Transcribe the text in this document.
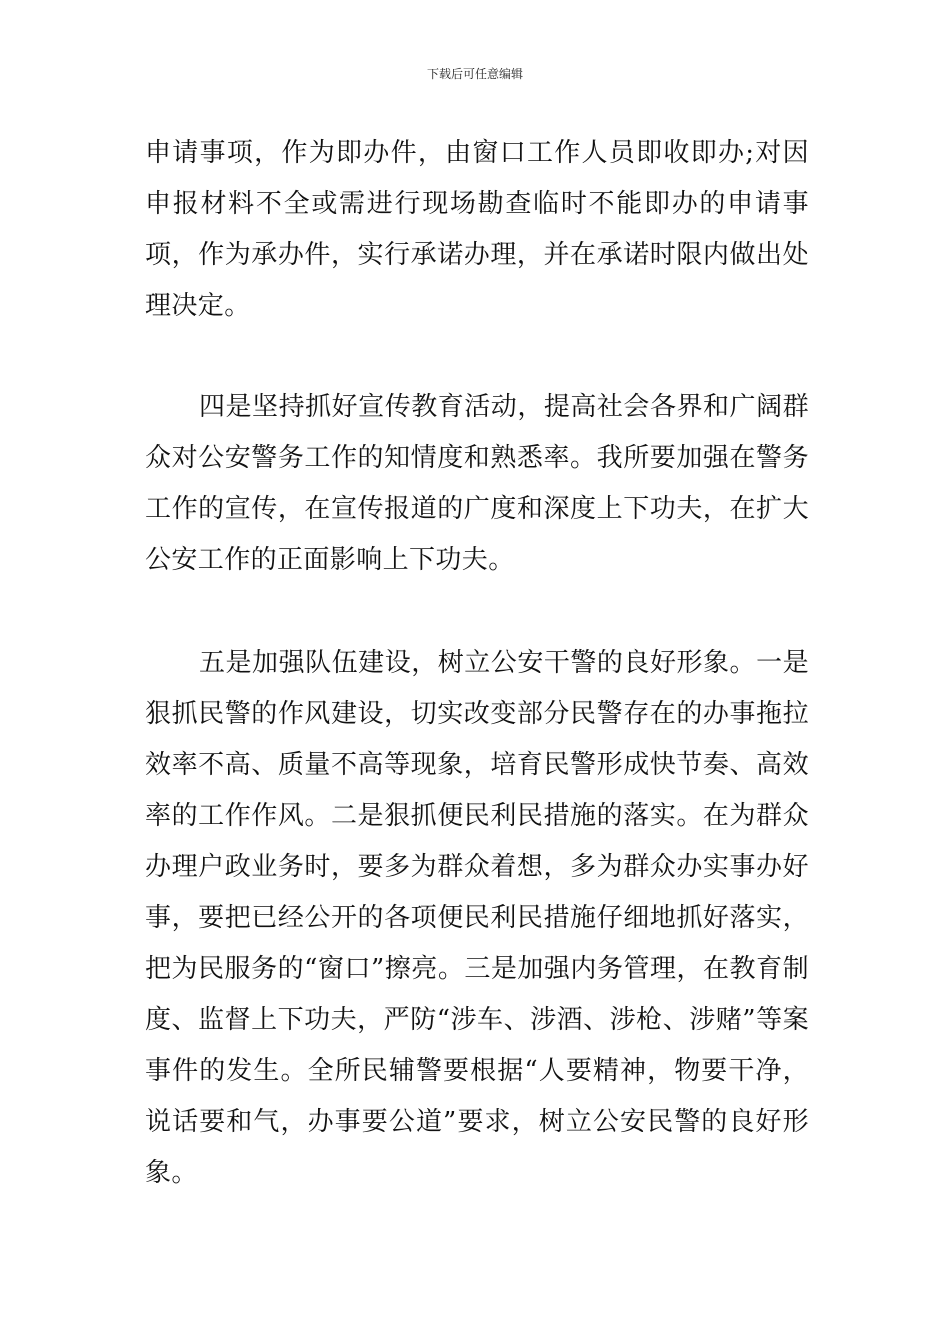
下载后可任意编辑

申请事项，作为即办件，由窗口工作人员即收即办;对因申报材料不全或需进行现场勘查临时不能即办的申请事项，作为承办件，实行承诺办理，并在承诺时限内做出处理决定。

四是坚持抓好宣传教育活动，提高社会各界和广阔群众对公安警务工作的知情度和熟悉率。我所要加强在警务工作的宣传，在宣传报道的广度和深度上下功夫，在扩大公安工作的正面影响上下功夫。

五是加强队伍建设，树立公安干警的良好形象。一是狠抓民警的作风建设，切实改变部分民警存在的办事拖拉效率不高、质量不高等现象，培育民警形成快节奏、高效率的工作作风。二是狠抓便民利民措施的落实。在为群众办理户政业务时，要多为群众着想，多为群众办实事办好事，要把已经公开的各项便民利民措施仔细地抓好落实，把为民服务的“窗口”擦亮。三是加强内务管理，在教育制度、监督上下功夫，严防“涉车、涉酒、涉枪、涉赌”等案事件的发生。全所民辅警要根据“人要精神，物要干净，说话要和气，办事要公道”要求，树立公安民警的良好形象。
